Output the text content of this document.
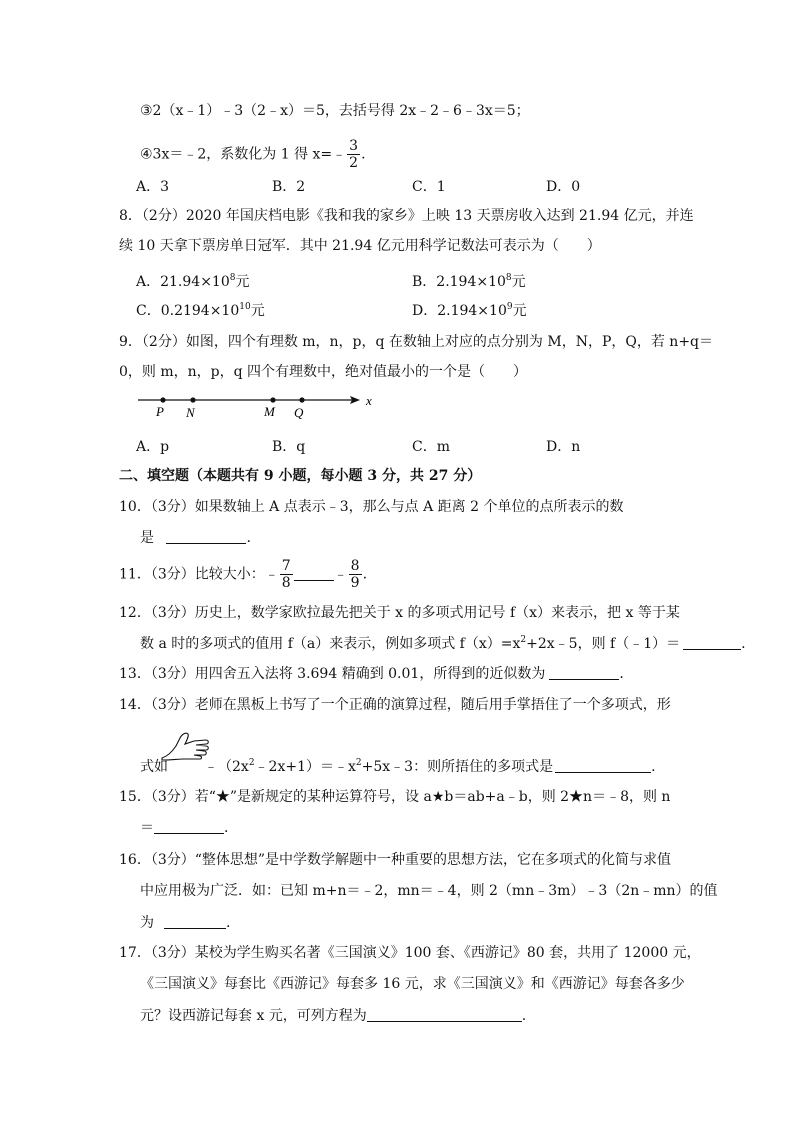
③2（x﹣1）﹣3（2﹣x）＝5，去括号得 2x﹣2﹣6﹣3x＝5；
④3x＝﹣2，系数化为 1 得 x=﹣ $\frac{3}{2}$ .
A．3	B．2	C．1	D．0
8．（2分）2020 年国庆档电影《我和我的家乡》上映 13 天票房收入达到 21.94 亿元，并连
续 10 天拿下票房单日冠军．其中 21.94 亿元用科学记数法可表示为（　　）
A．$21.94\times 10^8$元	B．$2.194\times 10^8$元
C．$0.2194\times 10^{10}$元	D．$2.194\times 10^9$元
9．（2分）如图，四个有理数 m，n，p，q 在数轴上对应的点分别为 M，N，P，Q，若 n+q＝
0，则 m，n，p，q 四个有理数中，绝对值最小的一个是（　　）
x
P N	M Q
A．p	B．q	C．m	D．n
二、填空题（本题共有 9 小题，每小题 3 分，共 27 分）
10．（3分）如果数轴上 A 点表示﹣3，那么与点 A 距离 2 个单位的点所表示的数
是	.
11．（3分）比较大小：﹣ $\frac{7}{8}$	﹣ $\frac{8}{9}$ .
12．（3分）历史上，数学家欧拉最先把关于 x 的多项式用记号 f（x）来表示，把 x 等于某
数 a 时的多项式的值用 f（a）来表示，例如多项式 $f(x)=x^2+2x﹣5$，则 f（﹣1）＝	.
13．（3分）用四舍五入法将 3.694 精确到 0.01，所得到的近似数为	.
14．（3分）老师在黑板上书写了一个正确的演算过程，随后用手掌捂住了一个多项式，形
式如	$﹣(2x^2﹣2x+1)=﹣x^2+5x﹣3$：则所捂住的多项式是	.
15．（3分）若“★”是新规定的某种运算符号，设 a★b＝ab+a﹣b，则 2★n＝﹣8，则 n
＝	.
16．（3分）“整体思想”是中学数学解题中一种重要的思想方法，它在多项式的化简与求值
中应用极为广泛．如：已知 m+n＝﹣2，mn＝﹣4，则 2（mn﹣3m）﹣3（2n﹣mn）的值
为	.
17．（3分）某校为学生购买名著《三国演义》100 套、《西游记》80 套，共用了 12000 元，
《三国演义》每套比《西游记》每套多 16 元，求《三国演义》和《西游记》每套各多少
元？设西游记每套 x 元，可列方程为	.
